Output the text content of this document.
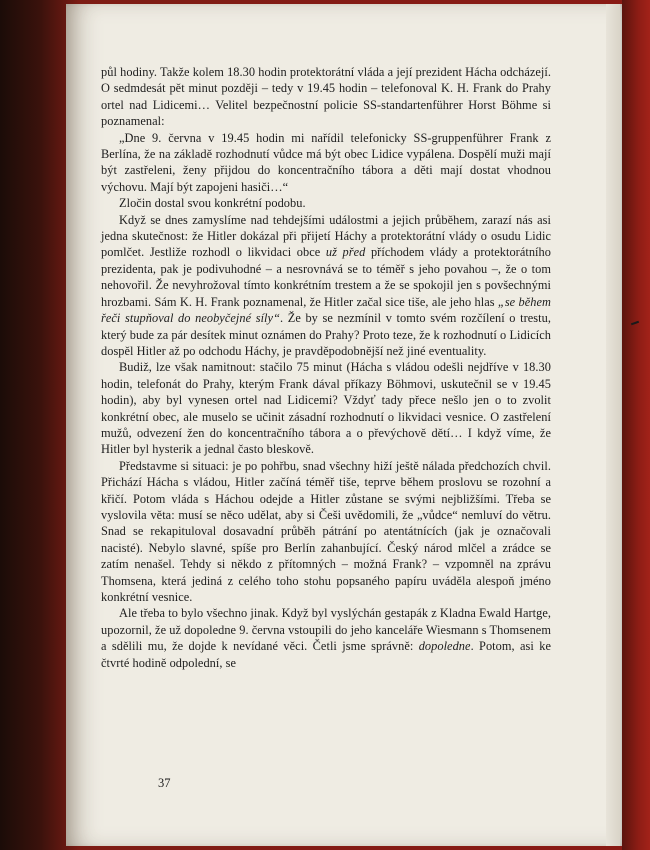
půl hodiny. Takže kolem 18.30 hodin protektorátní vláda a její prezident Hácha odcházejí. O sedmdesát pět minut později – tedy v 19.45 hodin – telefonoval K. H. Frank do Prahy ortel nad Lidicemi… Velitel bezpečnostní policie SS-standartenführer Horst Böhme si poznamenal:

„Dne 9. června v 19.45 hodin mi nařídil telefonicky SS-gruppenführer Frank z Berlína, že na základě rozhodnutí vůdce má být obec Lidice vypálena. Dospělí muži mají být zastřeleni, ženy přijdou do koncentračního tábora a děti mají dostat vhodnou výchovu. Mají být zapojeni hasiči…“

Zločin dostal svou konkrétní podobu.

Když se dnes zamyslíme nad tehdejšími událostmi a jejich průběhem, zarazí nás asi jedna skutečnost: že Hitler dokázal při přijetí Háchy a protektorátní vlády o osudu Lidic pomlčet. Jestliže rozhodl o likvidaci obce už před příchodem vlády a protektorátního prezidenta, pak je podivuhodné – a nesrovnává se to téměř s jeho povahou –, že o tom nehovořil. Že nevyhrožoval tímto konkrétním trestem a že se spokojil jen s povšechnými hrozbami. Sám K. H. Frank poznamenal, že Hitler začal sice tiše, ale jeho hlas „se během řeči stupňoval do neobyčejné síly“. Že by se nezmínil v tomto svém rozčílení o trestu, který bude za pár desítek minut oznámen do Prahy? Proto teze, že k rozhodnutí o Lidicích dospěl Hitler až po odchodu Háchy, je pravděpodobnější než jiné eventuality.

Budiž, lze však namitnout: stačilo 75 minut (Hácha s vládou odešli nejdříve v 18.30 hodin, telefonát do Prahy, kterým Frank dával příkazy Böhmovi, uskutečnil se v 19.45 hodin), aby byl vynesen ortel nad Lidicemi? Vždyť tady přece nešlo jen o to zvolit konkrétní obec, ale muselo se učinit zásadní rozhodnutí o likvidaci vesnice. O zastřelení mužů, odvezení žen do koncentračního tábora a o převýchově dětí… I když víme, že Hitler byl hysterik a jednal často bleskově.

Představme si situaci: je po pohřbu, snad všechny hiží ještě nálada předchozích chvil. Přichází Hácha s vládou, Hitler začíná téměř tiše, teprve během proslovu se rozohní a křičí. Potom vláda s Háchou odejde a Hitler zůstane se svými nejbližšími. Třeba se vyslovila věta: musí se něco udělat, aby si Češi uvědomili, že „vůdce“ nemluví do větru. Snad se rekapituloval dosavadní průběh pátrání po atentátnících (jak je označovali nacisté). Nebylo slavné, spíše pro Berlín zahanbující. Český národ mlčel a zrádce se zatím nenašel. Tehdy si někdo z přítomných – možná Frank? – vzpomněl na zprávu Thomsena, která jediná z celého toho stohu popsaného papíru uváděla alespoň jméno konkrétní vesnice.

Ale třeba to bylo všechno jinak. Když byl vyslýchán gestapák z Kladna Ewald Hartge, upozornil, že už dopoledne 9. června vstoupili do jeho kanceláře Wiesmann s Thomsenem a sdělili mu, že dojde k nevídané věci. Četli jsme správně: dopoledne. Potom, asi ke čtvrté hodině odpolední, se

37
